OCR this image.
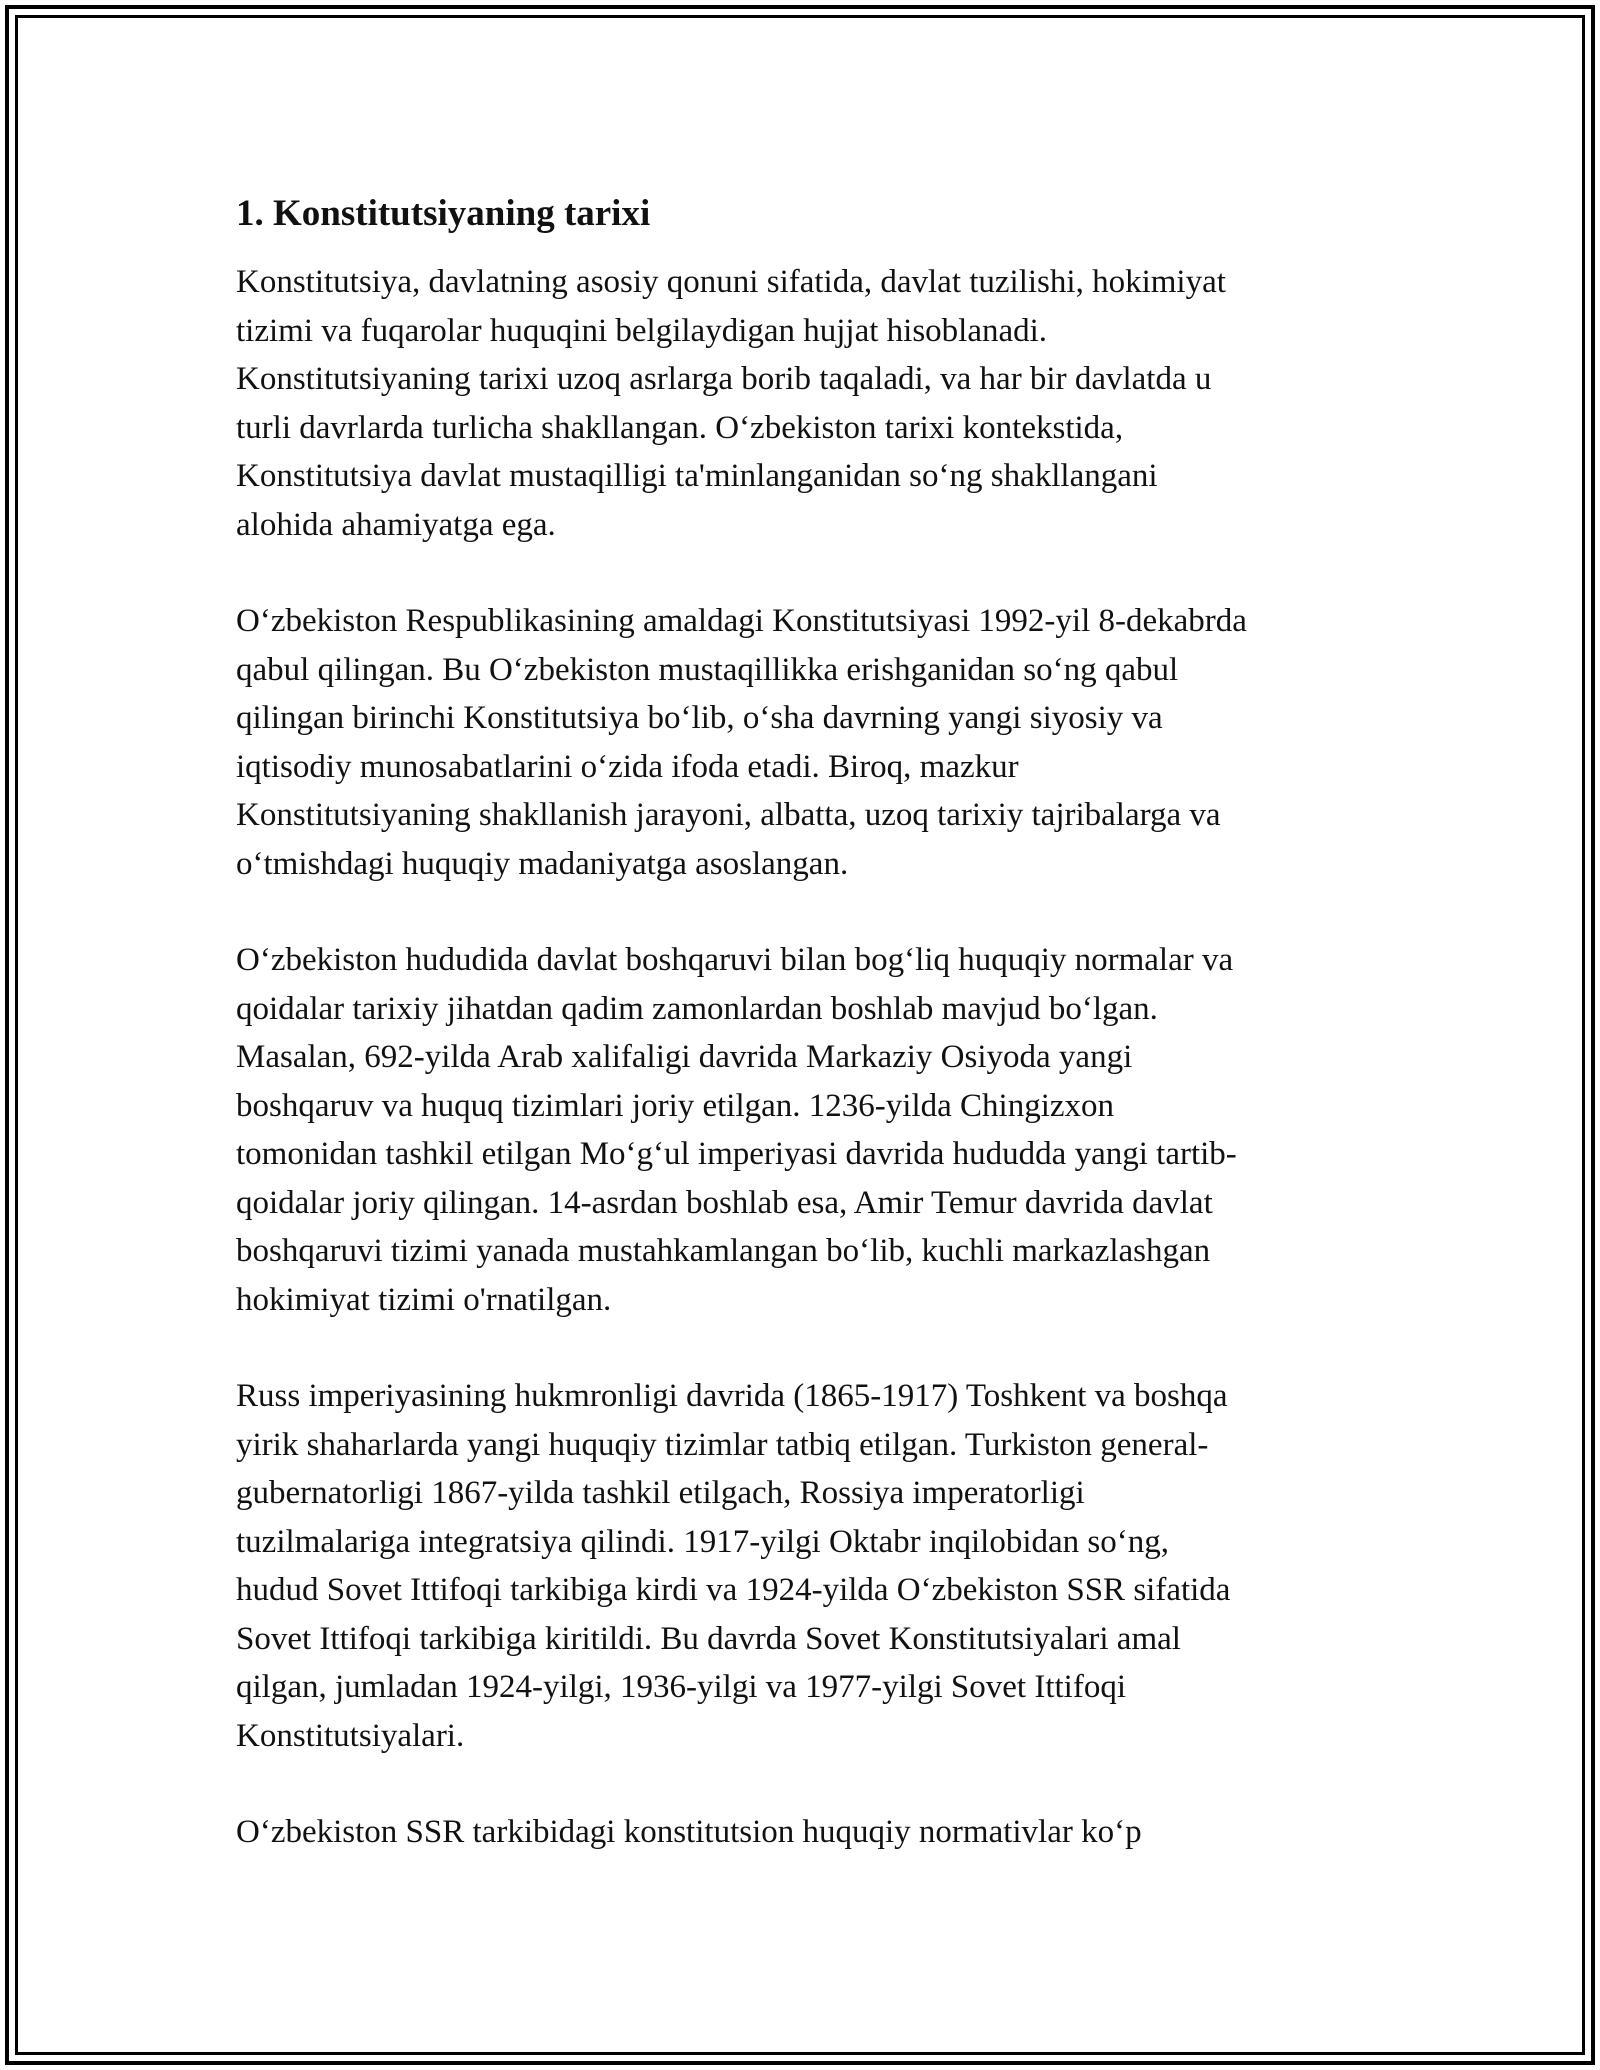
1. Konstitutsiyaning tarixi
Konstitutsiya, davlatning asosiy qonuni sifatida, davlat tuzilishi, hokimiyat
tizimi va fuqarolar huquqini belgilaydigan hujjat hisoblanadi.
Konstitutsiyaning tarixi uzoq asrlarga borib taqaladi, va har bir davlatda u
turli davrlarda turlicha shakllangan. O‘zbekiston tarixi kontekstida,
Konstitutsiya davlat mustaqilligi ta'minlanganidan so‘ng shakllangani
alohida ahamiyatga ega.
O‘zbekiston Respublikasining amaldagi Konstitutsiyasi 1992-yil 8-dekabrda
qabul qilingan. Bu O‘zbekiston mustaqillikka erishganidan so‘ng qabul
qilingan birinchi Konstitutsiya bo‘lib, o‘sha davrning yangi siyosiy va
iqtisodiy munosabatlarini o‘zida ifoda etadi. Biroq, mazkur
Konstitutsiyaning shakllanish jarayoni, albatta, uzoq tarixiy tajribalarga va
o‘tmishdagi huquqiy madaniyatga asoslangan.
O‘zbekiston hududida davlat boshqaruvi bilan bog‘liq huquqiy normalar va
qoidalar tarixiy jihatdan qadim zamonlardan boshlab mavjud bo‘lgan.
Masalan, 692-yilda Arab xalifaligi davrida Markaziy Osiyoda yangi
boshqaruv va huquq tizimlari joriy etilgan. 1236-yilda Chingizxon
tomonidan tashkil etilgan Mo‘g‘ul imperiyasi davrida hududda yangi tartib-
qoidalar joriy qilingan. 14-asrdan boshlab esa, Amir Temur davrida davlat
boshqaruvi tizimi yanada mustahkamlangan bo‘lib, kuchli markazlashgan
hokimiyat tizimi o'rnatilgan.
Russ imperiyasining hukmronligi davrida (1865-1917) Toshkent va boshqa
yirik shaharlarda yangi huquqiy tizimlar tatbiq etilgan. Turkiston general-
gubernatorligi 1867-yilda tashkil etilgach, Rossiya imperatorligi
tuzilmalariga integratsiya qilindi. 1917-yilgi Oktabr inqilobidan so‘ng,
hudud Sovet Ittifoqi tarkibiga kirdi va 1924-yilda O‘zbekiston SSR sifatida
Sovet Ittifoqi tarkibiga kiritildi. Bu davrda Sovet Konstitutsiyalari amal
qilgan, jumladan 1924-yilgi, 1936-yilgi va 1977-yilgi Sovet Ittifoqi
Konstitutsiyalari.
O‘zbekiston SSR tarkibidagi konstitutsion huquqiy normativlar ko‘p
